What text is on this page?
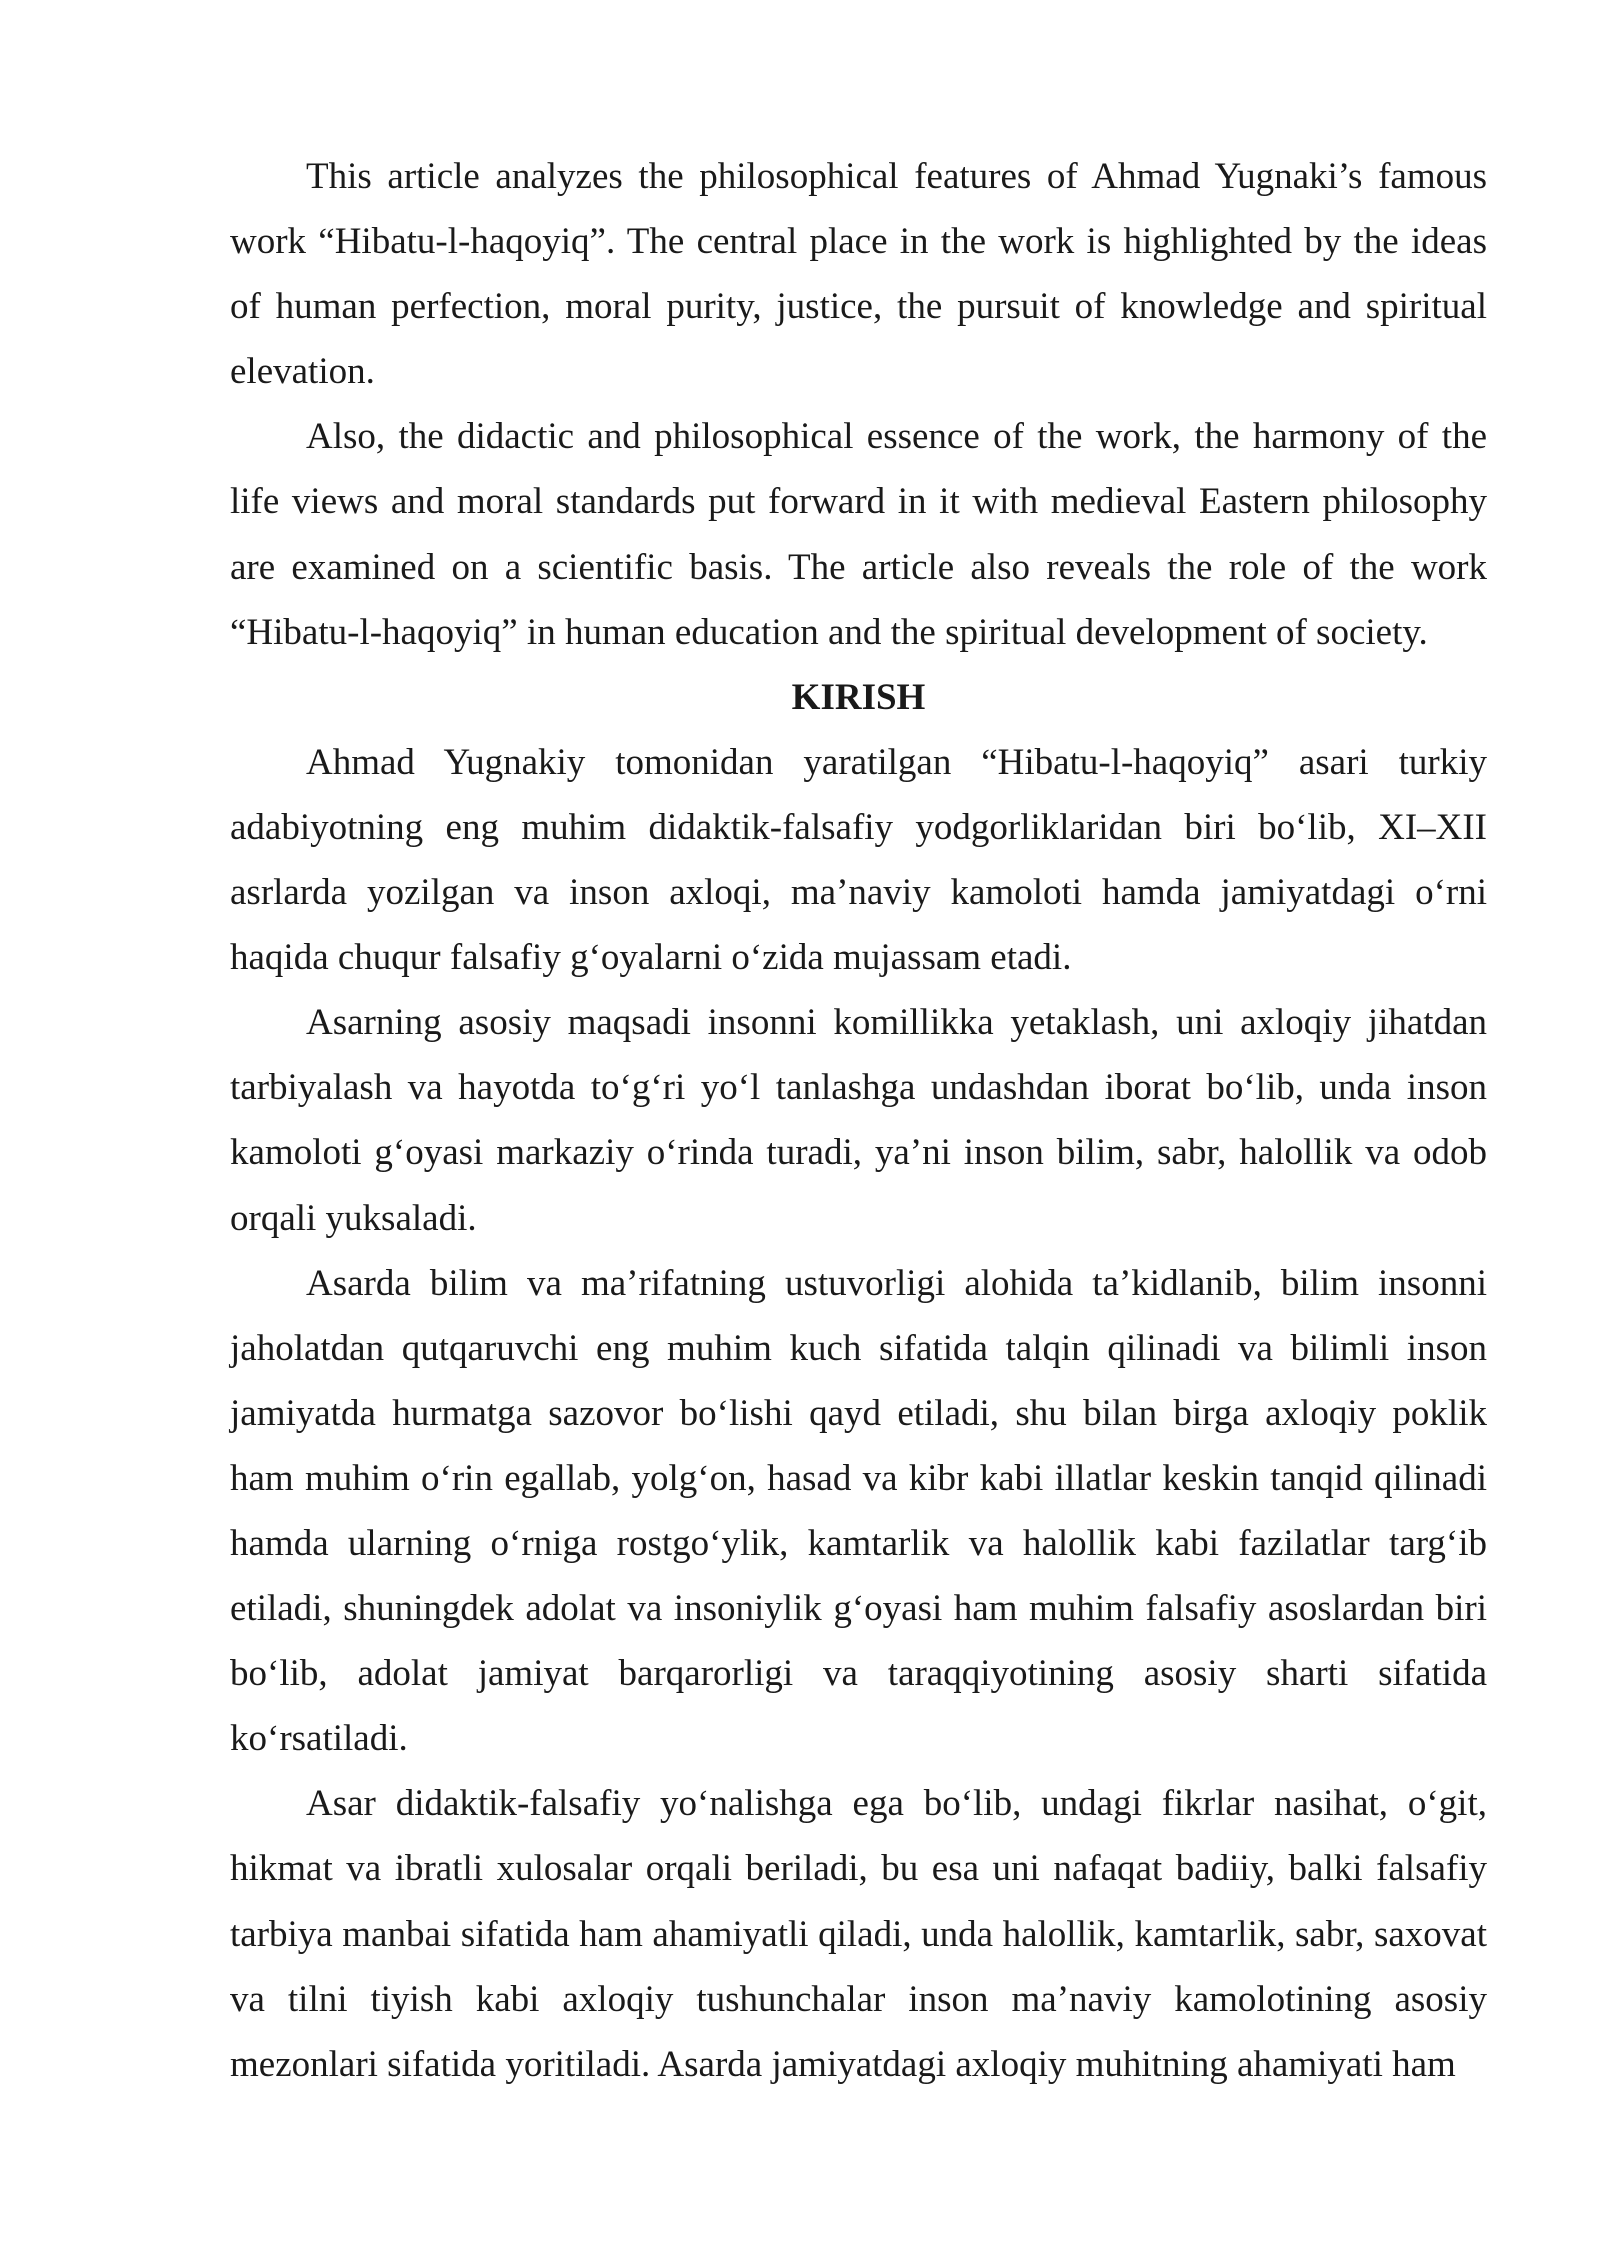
This article analyzes the philosophical features of Ahmad Yugnaki’s famous work “Hibatu-l-haqoyiq”. The central place in the work is highlighted by the ideas of human perfection, moral purity, justice, the pursuit of knowledge and spiritual elevation.

Also, the didactic and philosophical essence of the work, the harmony of the life views and moral standards put forward in it with medieval Eastern philosophy are examined on a scientific basis. The article also reveals the role of the work “Hibatu-l-haqoyiq” in human education and the spiritual development of society.

KIRISH

Ahmad Yugnakiy tomonidan yaratilgan “Hibatu-l-haqoyiq” asari turkiy adabiyotning eng muhim didaktik-falsafiy yodgorliklaridan biri bo‘lib, XI–XII asrlarda yozilgan va inson axloqi, ma’naviy kamoloti hamda jamiyatdagi o‘rni haqida chuqur falsafiy g‘oyalarni o‘zida mujassam etadi.

Asarning asosiy maqsadi insonni komillikka yetaklash, uni axloqiy jihatdan tarbiyalash va hayotda to‘g‘ri yo‘l tanlashga undashdan iborat bo‘lib, unda inson kamoloti g‘oyasi markaziy o‘rinda turadi, ya’ni inson bilim, sabr, halollik va odob orqali yuksaladi.

Asarda bilim va ma’rifatning ustuvorligi alohida ta’kidlanib, bilim insonni jaholatdan qutqaruvchi eng muhim kuch sifatida talqin qilinadi va bilimli inson jamiyatda hurmatga sazovor bo‘lishi qayd etiladi, shu bilan birga axloqiy poklik ham muhim o‘rin egallab, yolg‘on, hasad va kibr kabi illatlar keskin tanqid qilinadi hamda ularning o‘rniga rostgo‘ylik, kamtarlik va halollik kabi fazilatlar targ‘ib etiladi, shuningdek adolat va insoniylik g‘oyasi ham muhim falsafiy asoslardan biri bo‘lib, adolat jamiyat barqarorligi va taraqqiyotining asosiy sharti sifatida ko‘rsatiladi.

Asar didaktik-falsafiy yo‘nalishga ega bo‘lib, undagi fikrlar nasihat, o‘git, hikmat va ibratli xulosalar orqali beriladi, bu esa uni nafaqat badiiy, balki falsafiy tarbiya manbai sifatida ham ahamiyatli qiladi, unda halollik, kamtarlik, sabr, saxovat va tilni tiyish kabi axloqiy tushunchalar inson ma’naviy kamolotining asosiy mezonlari sifatida yoritiladi. Asarda jamiyatdagi axloqiy muhitning ahamiyati ham
